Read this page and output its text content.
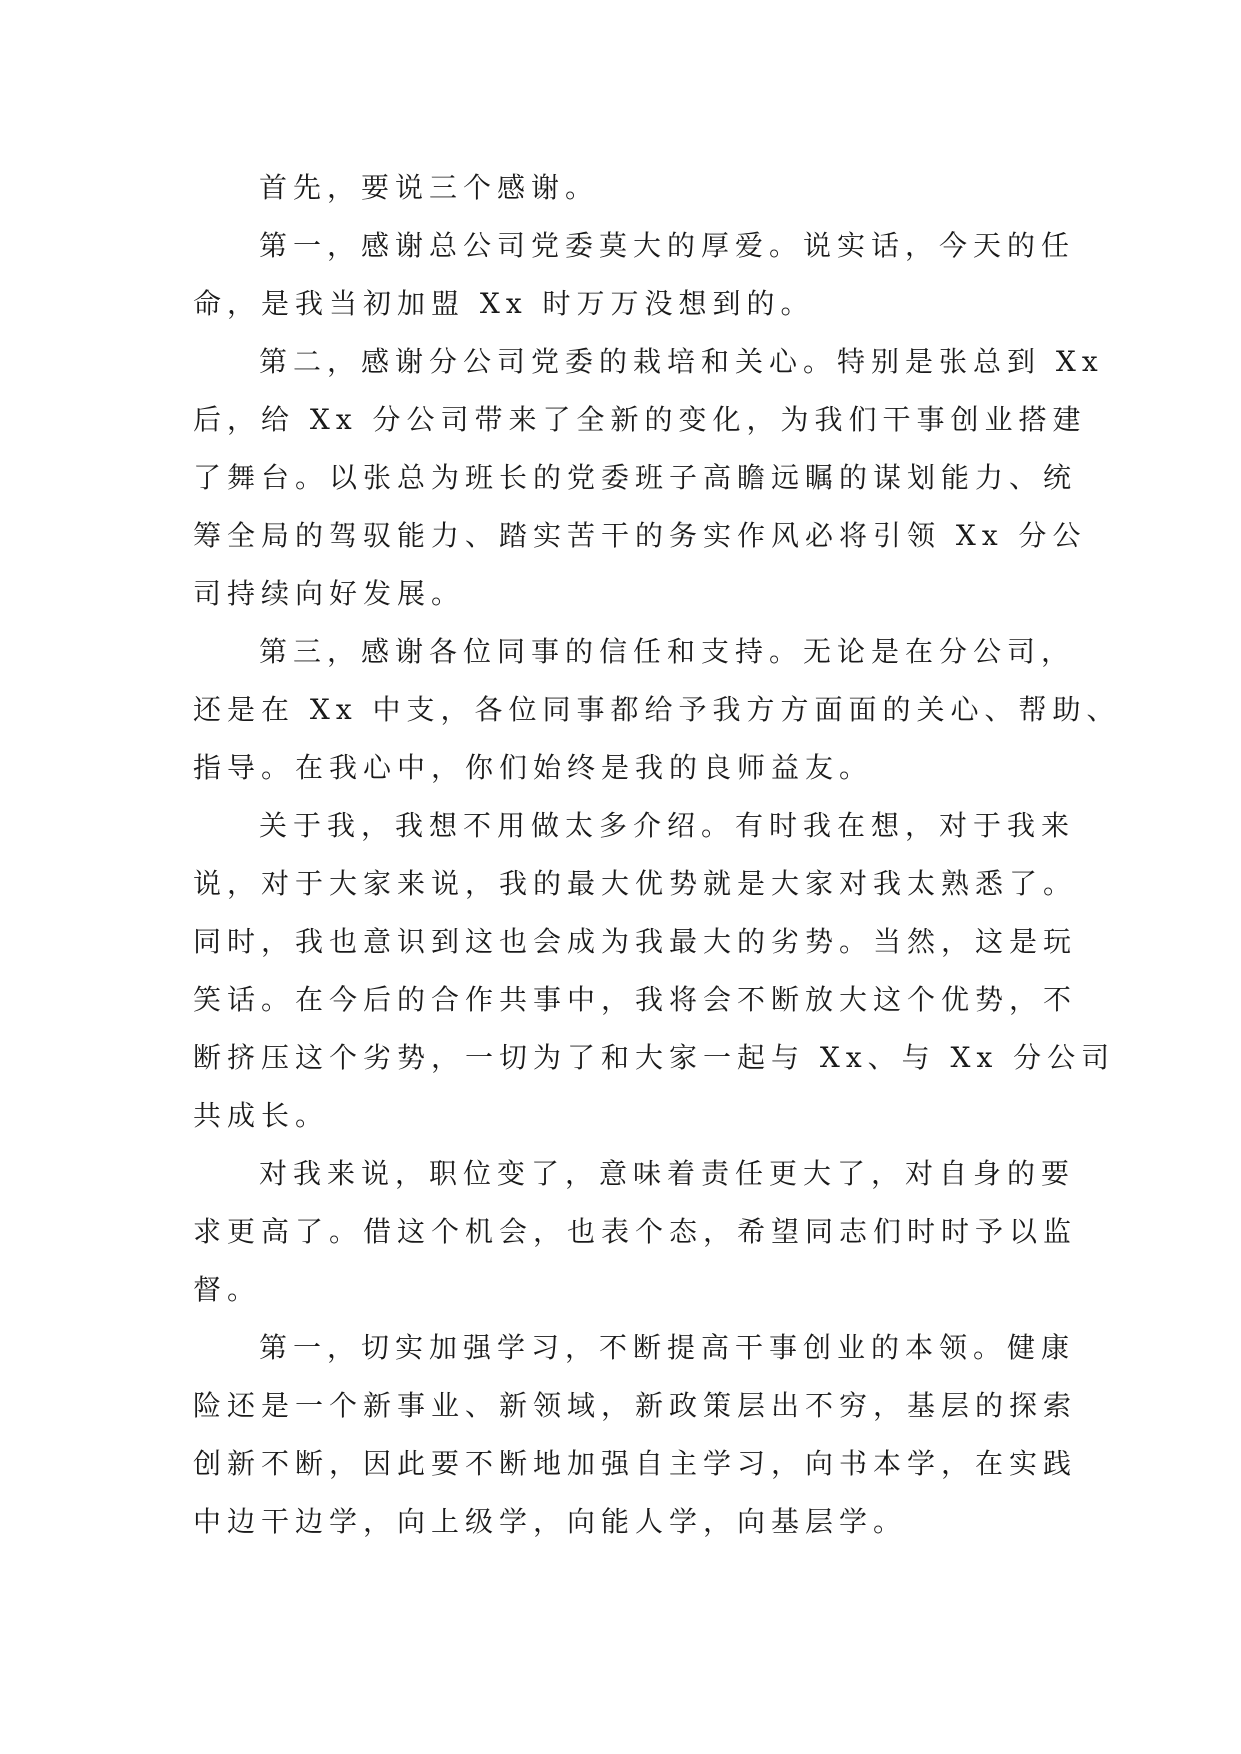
首先，要说三个感谢。
第一，感谢总公司党委莫大的厚爱。说实话，今天的任
命，是我当初加盟 Xx 时万万没想到的。
第二，感谢分公司党委的栽培和关心。特别是张总到 Xx
后，给 Xx 分公司带来了全新的变化，为我们干事创业搭建
了舞台。以张总为班长的党委班子高瞻远瞩的谋划能力、统
筹全局的驾驭能力、踏实苦干的务实作风必将引领 Xx 分公
司持续向好发展。
第三，感谢各位同事的信任和支持。无论是在分公司，
还是在 Xx 中支，各位同事都给予我方方面面的关心、帮助、
指导。在我心中，你们始终是我的良师益友。
关于我，我想不用做太多介绍。有时我在想，对于我来
说，对于大家来说，我的最大优势就是大家对我太熟悉了。
同时，我也意识到这也会成为我最大的劣势。当然，这是玩
笑话。在今后的合作共事中，我将会不断放大这个优势，不
断挤压这个劣势，一切为了和大家一起与 Xx、与 Xx 分公司
共成长。
对我来说，职位变了，意味着责任更大了，对自身的要
求更高了。借这个机会，也表个态，希望同志们时时予以监
督。
第一，切实加强学习，不断提高干事创业的本领。健康
险还是一个新事业、新领域，新政策层出不穷，基层的探索
创新不断，因此要不断地加强自主学习，向书本学，在实践
中边干边学，向上级学，向能人学，向基层学。
